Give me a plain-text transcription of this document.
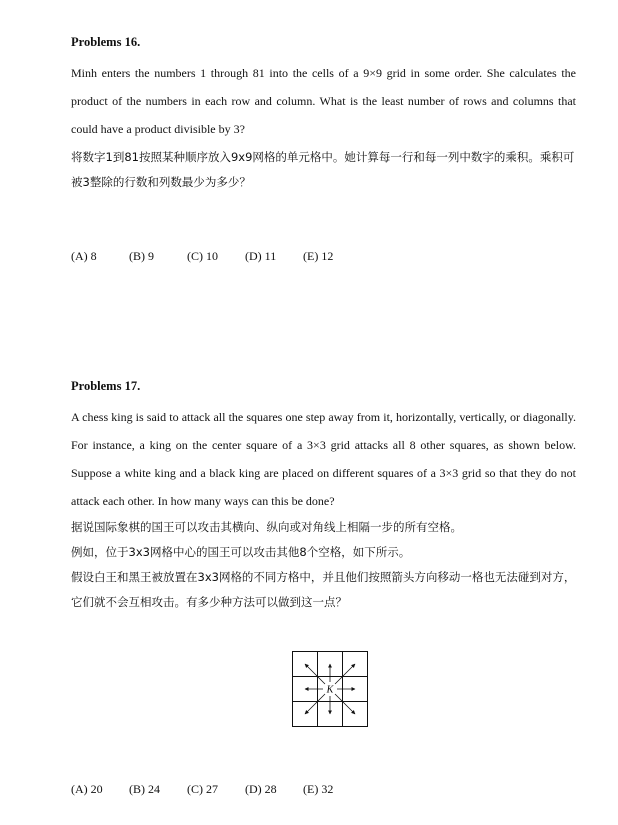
Problems 16.

Minh enters the numbers 1 through 81 into the cells of a 9×9 grid in some order. She calculates the product of the numbers in each row and column. What is the least number of rows and columns that could have a product divisible by 3?

将数字1到81按照某种顺序放入9x9网格的单元格中。她计算每一行和每一列中数字的乘积。乘积可被3整除的行数和列数最少为多少？

(A) 8	(B) 9	(C) 10 (D) 11 (E) 12

Problems 17.

A chess king is said to attack all the squares one step away from it, horizontally, vertically, or diagonally. For instance, a king on the center square of a 3×3 grid attacks all 8 other squares, as shown below. Suppose a white king and a black king are placed on different squares of a 3×3 grid so that they do not attack each other. In how many ways can this be done?

据说国际象棋的国王可以攻击其横向、纵向或对角线上相隔一步的所有空格。

例如，位于3x3网格中心的国王可以攻击其他8个空格，如下所示。

假设白王和黑王被放置在3x3网格的不同方格中，并且他们按照箭头方向移动一格也无法碰到对方，它们就不会互相攻击。有多少种方法可以做到这一点？

K
(A) 20 (B) 24 (C) 27 (D) 28 (E) 32
